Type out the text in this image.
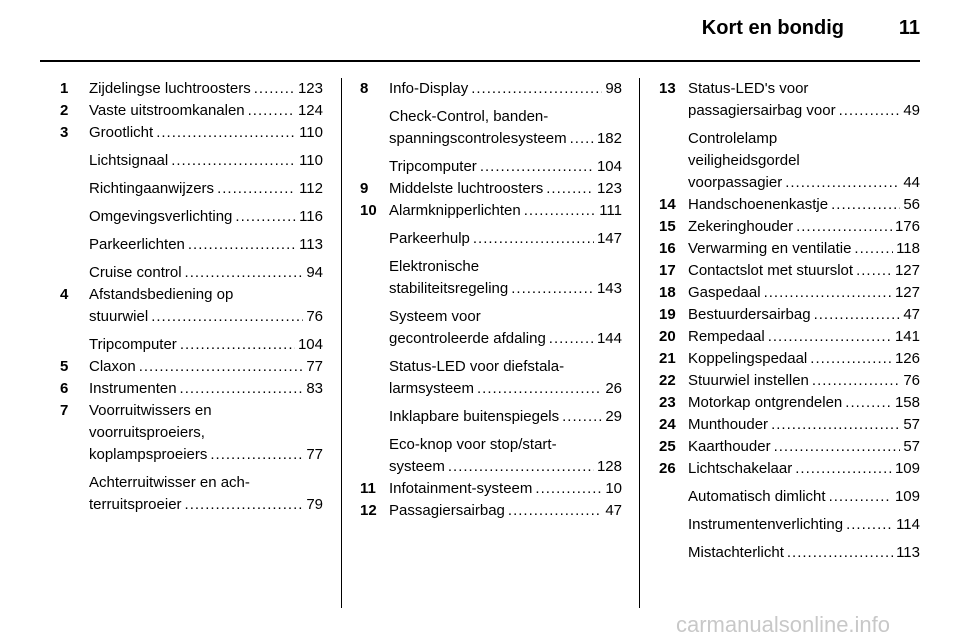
Kort en bondig	11
1 Zijdelingse luchtroosters .....	123
2 Vaste uitstroomkanalen .....	124
3 Grootlicht .....	110
Lichtsignaal .....	110
Richtingaanwijzers .....	112
Omgevingsverlichting .....	116
Parkeerlichten .....	113
Cruise control .....	94
4 Afstandsbediening op
stuurwiel .....	76
Tripcomputer .....	104
5 Claxon .....	77
6 Instrumenten .....	83
7 Voorruitwissers en
voorruitsproeiers,
koplampsproeiers .....	77
Achterruitwisser en ach-
terruitsproeier .....	79
8 Info-Display .....	98
Check-Control, banden-
spanningscontrolesysteem ..... 182
Tripcomputer .....	104
9 Middelste luchtroosters .....	123
10 Alarmknipperlichten .....	111
Parkeerhulp .....	147
Elektronische
stabiliteitsregeling .....	143
Systeem voor
gecontroleerde afdaling .....	144
Status-LED voor diefstala-
larmsysteem .....	26
Inklapbare buitenspiegels .....	29
Eco-knop voor stop/start-
systeem .....	128
11 Infotainment-systeem .....	10
12 Passagiersairbag .....	47
13 Status-LED's voor
passagiersairbag voor .....	49
Controlelamp
veiligheidsgordel
voorpassagier .....	44
14 Handschoenenkastje .....	56
15 Zekeringhouder .....	176
16 Verwarming en ventilatie .....	118
17 Contactslot met stuurslot .....	127
18 Gaspedaal .....	127
19 Bestuurdersairbag .....	47
20 Rempedaal .....	141
21 Koppelingspedaal .....	126
22 Stuurwiel instellen .....	76
23 Motorkap ontgrendelen .....	158
24 Munthouder .....	57
25 Kaarthouder .....	57
26 Lichtschakelaar .....	109
Automatisch dimlicht .....	109
Instrumentenverlichting .....	114
Mistachterlicht .....	113
carmanualsonline.info
